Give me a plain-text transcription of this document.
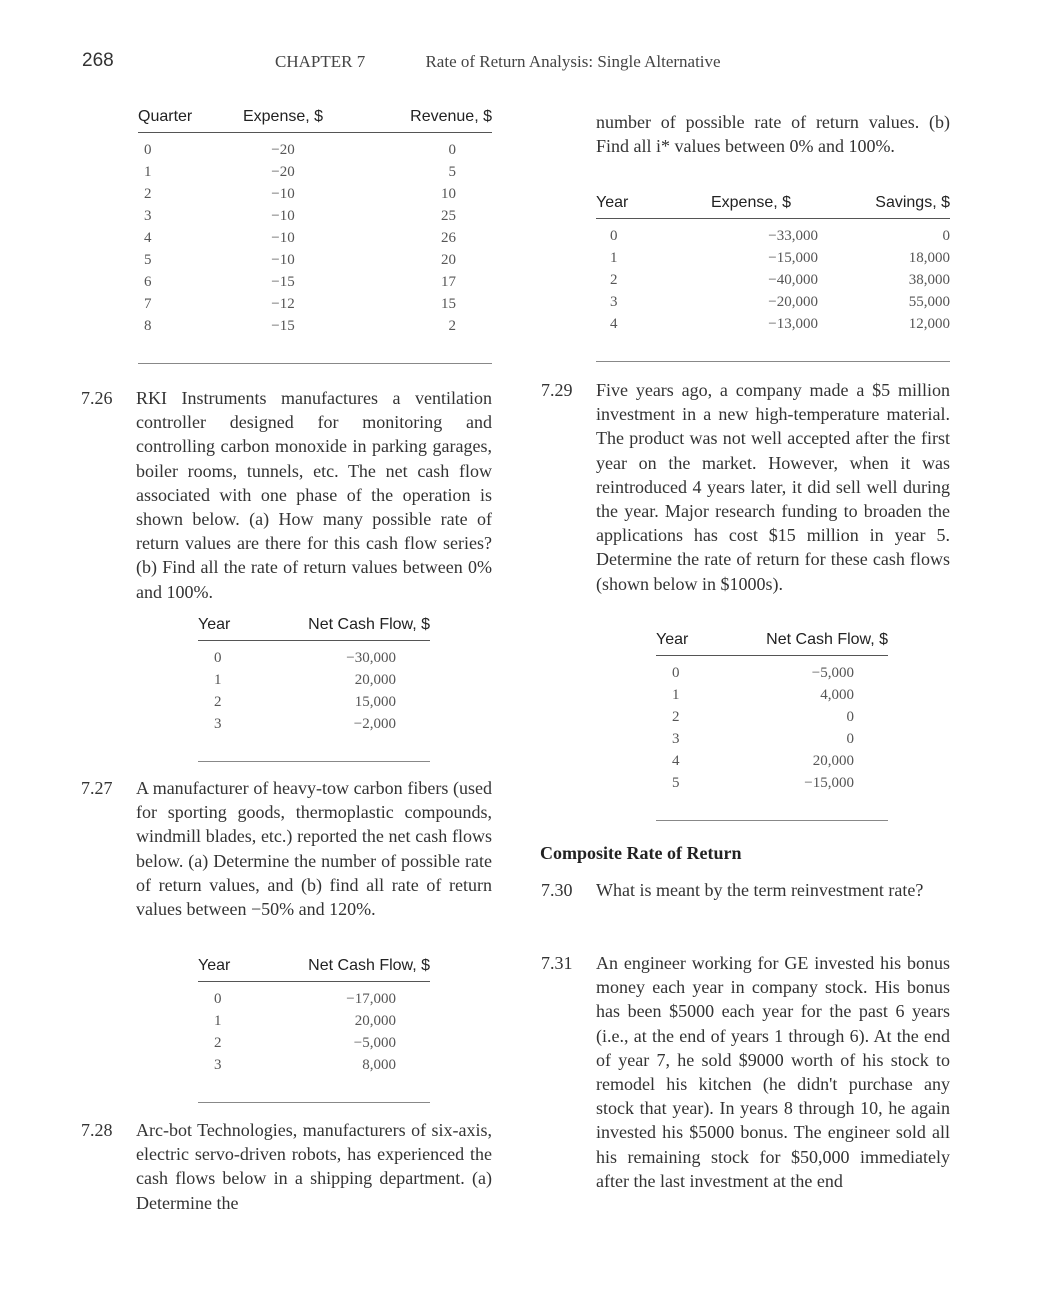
268	CHAPTER 7	Rate of Return Analysis: Single Alternative
Quarter	Expense, $	Revenue, $
0	−20	0
1	−20	5
2	−10	10
3	−10	25
4	−10	26
5	−10	20
6	−15	17
7	−12	15
8	−15	2

7.26 RKI Instruments manufactures a ventilation controller designed for monitoring and controlling carbon monoxide in parking garages, boiler rooms, tunnels, etc. The net cash flow associated with one phase of the operation is shown below. (a) How many possible rate of return values are there for this cash flow series? (b) Find all the rate of return values between 0% and 100%.
Year	Net Cash Flow, $
0	−30,000
1	20,000
2	15,000
3	−2,000

7.27 A manufacturer of heavy-tow carbon fibers (used for sporting goods, thermoplastic compounds, windmill blades, etc.) reported the net cash flows below. (a) Determine the number of possible rate of return values, and (b) find all rate of return values between −50% and 120%.
Year	Net Cash Flow, $
0	−17,000
1	20,000
2	−5,000
3	8,000

7.28 Arc-bot Technologies, manufacturers of six-axis, electric servo-driven robots, has experienced the cash flows below in a shipping department. (a) Determine the
number of possible rate of return values. (b) Find all i* values between 0% and 100%.
Year	Expense, $	Savings, $
0	−33,000	0
1	−15,000	18,000
2	−40,000	38,000
3	−20,000	55,000
4	−13,000	12,000

7.29 Five years ago, a company made a $5 million investment in a new high-temperature material. The product was not well accepted after the first year on the market. However, when it was reintroduced 4 years later, it did sell well during the year. Major research funding to broaden the applications has cost $15 million in year 5. Determine the rate of return for these cash flows (shown below in $1000s).
Year	Net Cash Flow, $
0	−5,000
1	4,000
2	0
3	0
4	20,000
5	−15,000

Composite Rate of Return
7.30 What is meant by the term reinvestment rate?
7.31 An engineer working for GE invested his bonus money each year in company stock. His bonus has been $5000 each year for the past 6 years (i.e., at the end of years 1 through 6). At the end of year 7, he sold $9000 worth of his stock to remodel his kitchen (he didn't purchase any stock that year). In years 8 through 10, he again invested his $5000 bonus. The engineer sold all his remaining stock for $50,000 immediately after the last investment at the end
